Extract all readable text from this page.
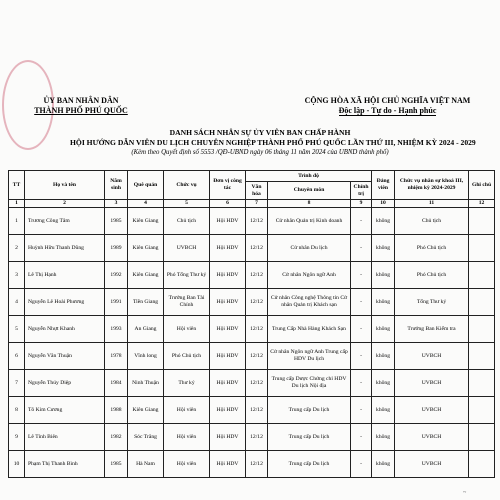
ỦY BAN NHÂN DÂN
THÀNH PHỐ PHÚ QUỐC
CỘNG HÒA XÃ HỘI CHỦ NGHĨA VIỆT NAM
Độc lập - Tự do - Hạnh phúc
DANH SÁCH NHÂN SỰ ỦY VIÊN BAN CHẤP HÀNH
HỘI HƯỚNG DẪN VIÊN DU LỊCH CHUYÊN NGHIỆP THÀNH PHỐ PHÚ QUỐC LẦN THỨ III, NHIỆM KỲ 2024 - 2029
(Kèm theo Quyết định số 5553 /QĐ-UBND ngày 06 tháng 11 năm 2024 của UBND thành phố)
TT	Họ và tên	Năm sinh	Quê quán	Chức vụ	Đơn vị công tác	Trình độ			Đảng viên	Chức vụ nhân sự khoá III, nhiệm kỳ 2024-2029	Ghi chú
						Văn hóa	Chuyên môn	Chính trị			
1	2	3	4	5	6	7	8	9	10	11	12
1	Trương Công Tâm	1985	Kiên Giang	Chủ tịch	Hội HDV	12/12	Cử nhân Quản trị Kinh doanh	-	không	Chủ tịch	
2	Huỳnh Hữu Thanh Dũng	1989	Kiên Giang	UVBCH	Hội HDV	12/12	Cử nhân Du lịch	-	không	Phó Chủ tịch	
3	Lê Thị Hạnh	1992	Kiên Giang	Phó Tổng Thư ký	Hội HDV	12/12	Cử nhân Ngôn ngữ Anh	-	không	Phó Chủ tịch	
4	Nguyễn Lê Hoài Phương	1991	Tiền Giang	Trưởng Ban Tài Chính	Hội HDV	12/12	Cử nhân Công nghệ Thông tin Cử nhân Quản trị Khách sạn	-	không	Tổng Thư ký	
5	Nguyễn Nhựt Khanh	1993	An Giang	Hội viên	Hội HDV	12/12	Trung Cấp Nhà Hàng Khách Sạn	-	không	Trưởng Ban Kiểm tra	
6	Nguyễn Văn Thuận	1978	Vĩnh long	Phó Chủ tịch	Hội HDV	12/12	Cử nhân Ngôn ngữ Anh Trung cấp HDV Du lịch	-	không	UVBCH	
7	Nguyễn Thúy Diệp	1984	Ninh Thuận	Thư ký	Hội HDV	12/12	Trung cấp Dược Chứng chỉ HDV Du lịch Nội địa	-	không	UVBCH	
8	Tô Kim Cương	1988	Kiên Giang	Hội viên	Hội HDV	12/12	Trung cấp Du lịch	-	không	UVBCH	
9	Lê Tính Biên	1982	Sóc Trăng	Hội viên	Hội HDV	12/12	Trung cấp Du lịch	-	không	UVBCH	
10	Phạm Thị Thanh Bình	1985	Hà Nam	Hội viên	Hội HDV	12/12	Trung cấp Du lịch	-	không	UVBCH	
~
